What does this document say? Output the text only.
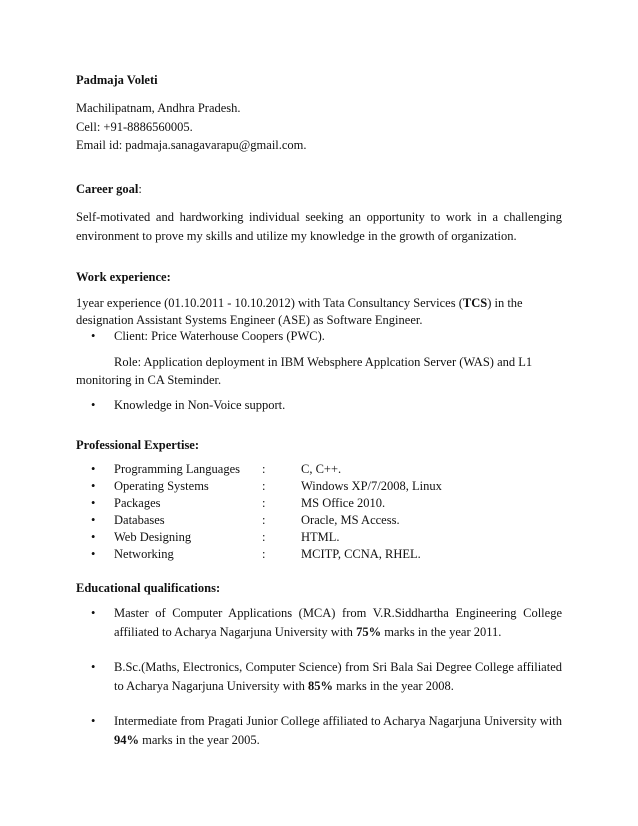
Padmaja Voleti
Machilipatnam, Andhra Pradesh.
Cell: +91-8886560005.
Email id: padmaja.sanagavarapu@gmail.com.
Career goal:
Self-motivated and hardworking individual seeking an opportunity to work in a challenging environment to prove my skills and utilize my knowledge in the growth of organization.
Work experience:
1year experience (01.10.2011 - 10.10.2012) with Tata Consultancy Services (TCS) in the
designation Assistant Systems Engineer (ASE) as Software Engineer.
• Client: Price Waterhouse Coopers (PWC).
Role: Application deployment in IBM Websphere Applcation Server (WAS) and L1
monitoring in CA Steminder.
• Knowledge in Non-Voice support.
Professional Expertise:
• Programming Languages :	C, C++.
• Operating Systems	:	Windows XP/7/2008, Linux
• Packages	:	MS Office 2010.
• Databases	:	Oracle, MS Access.
• Web Designing	:	HTML.
• Networking	:	MCITP, CCNA, RHEL.
Educational qualifications:
• Master of Computer Applications (MCA) from V.R.Siddhartha Engineering College affiliated to Acharya Nagarjuna University with 75% marks in the year 2011.
• B.Sc.(Maths, Electronics, Computer Science) from Sri Bala Sai Degree College affiliated to Acharya Nagarjuna University with 85% marks in the year 2008.
• Intermediate from Pragati Junior College affiliated to Acharya Nagarjuna University with 94% marks in the year 2005.
